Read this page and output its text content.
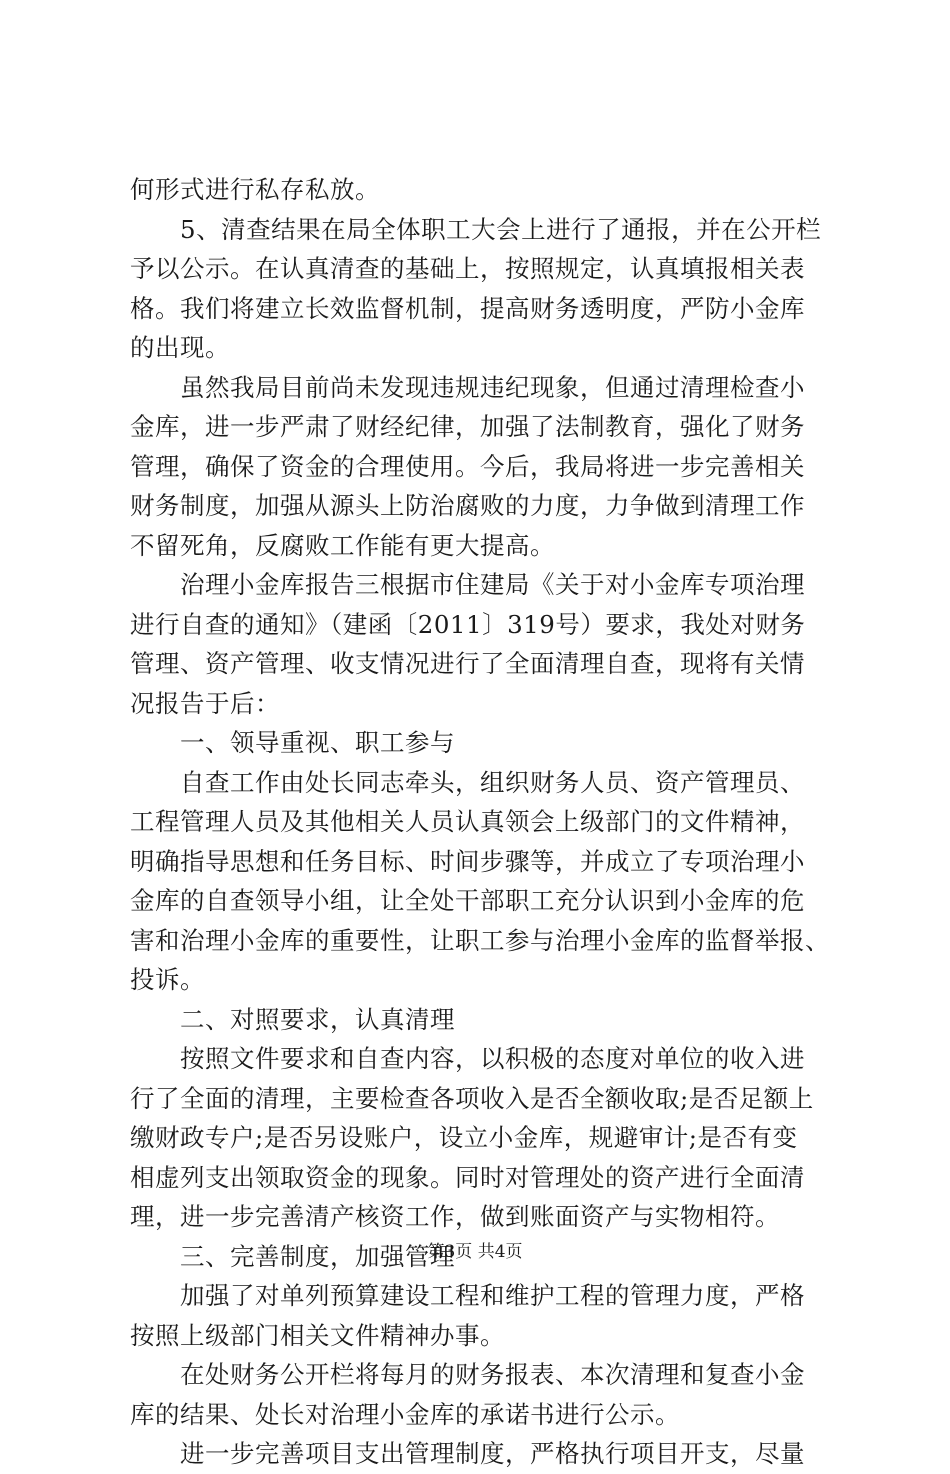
何形式进行私存私放。
5、清查结果在局全体职工大会上进行了通报，并在公开栏
予以公示。在认真清查的基础上，按照规定，认真填报相关表
格。我们将建立长效监督机制，提高财务透明度，严防小金库
的出现。
虽然我局目前尚未发现违规违纪现象，但通过清理检查小
金库，进一步严肃了财经纪律，加强了法制教育，强化了财务
管理，确保了资金的合理使用。今后，我局将进一步完善相关
财务制度，加强从源头上防治腐败的力度，力争做到清理工作
不留死角，反腐败工作能有更大提高。
治理小金库报告三根据市住建局《关于对小金库专项治理
进行自查的通知》（建函〔2011〕319号）要求，我处对财务
管理、资产管理、收支情况进行了全面清理自查，现将有关情
况报告于后：
一、领导重视、职工参与
自查工作由处长同志牵头，组织财务人员、资产管理员、
工程管理人员及其他相关人员认真领会上级部门的文件精神，
明确指导思想和任务目标、时间步骤等，并成立了专项治理小
金库的自查领导小组，让全处干部职工充分认识到小金库的危
害和治理小金库的重要性，让职工参与治理小金库的监督举报、
投诉。
二、对照要求，认真清理
按照文件要求和自查内容，以积极的态度对单位的收入进
行了全面的清理，主要检查各项收入是否全额收取;是否足额上
缴财政专户;是否另设账户，设立小金库，规避审计;是否有变
相虚列支出领取资金的现象。同时对管理处的资产进行全面清
理，进一步完善清产核资工作，做到账面资产与实物相符。
三、完善制度，加强管理
加强了对单列预算建设工程和维护工程的管理力度，严格
按照上级部门相关文件精神办事。
在处财务公开栏将每月的财务报表、本次清理和复查小金
库的结果、处长对治理小金库的承诺书进行公示。
进一步完善项目支出管理制度，严格执行项目开支，尽量
第3页 共4页
